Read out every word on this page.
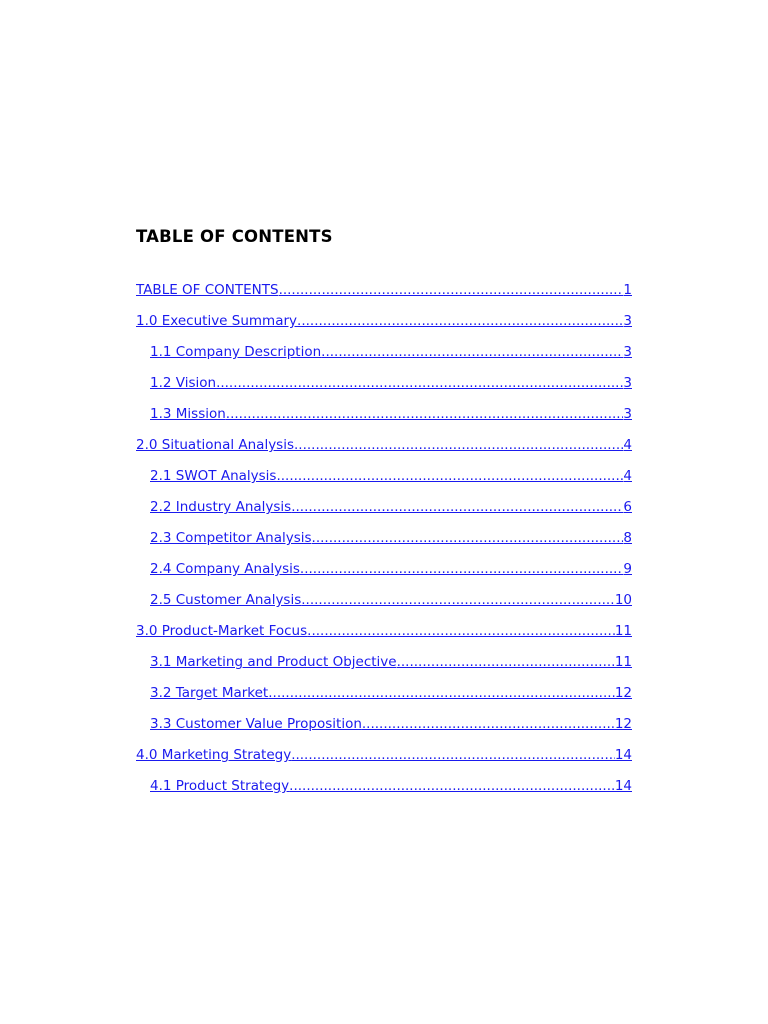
TABLE OF CONTENTS
TABLE OF CONTENTS .....	1
1.0 Executive Summary .....	3
1.1 Company Description .....	3
1.2 Vision .....	3
1.3 Mission .....	3
2.0 Situational Analysis .....	4
2.1 SWOT Analysis .....	4
2.2 Industry Analysis .....	6
2.3 Competitor Analysis .....	8
2.4 Company Analysis .....	9
2.5 Customer Analysis .....	10
3.0 Product-Market Focus .....	11
3.1 Marketing and Product Objective .....	11
3.2 Target Market .....	12
3.3 Customer Value Proposition .....	12
4.0 Marketing Strategy .....	14
4.1 Product Strategy .....	14
